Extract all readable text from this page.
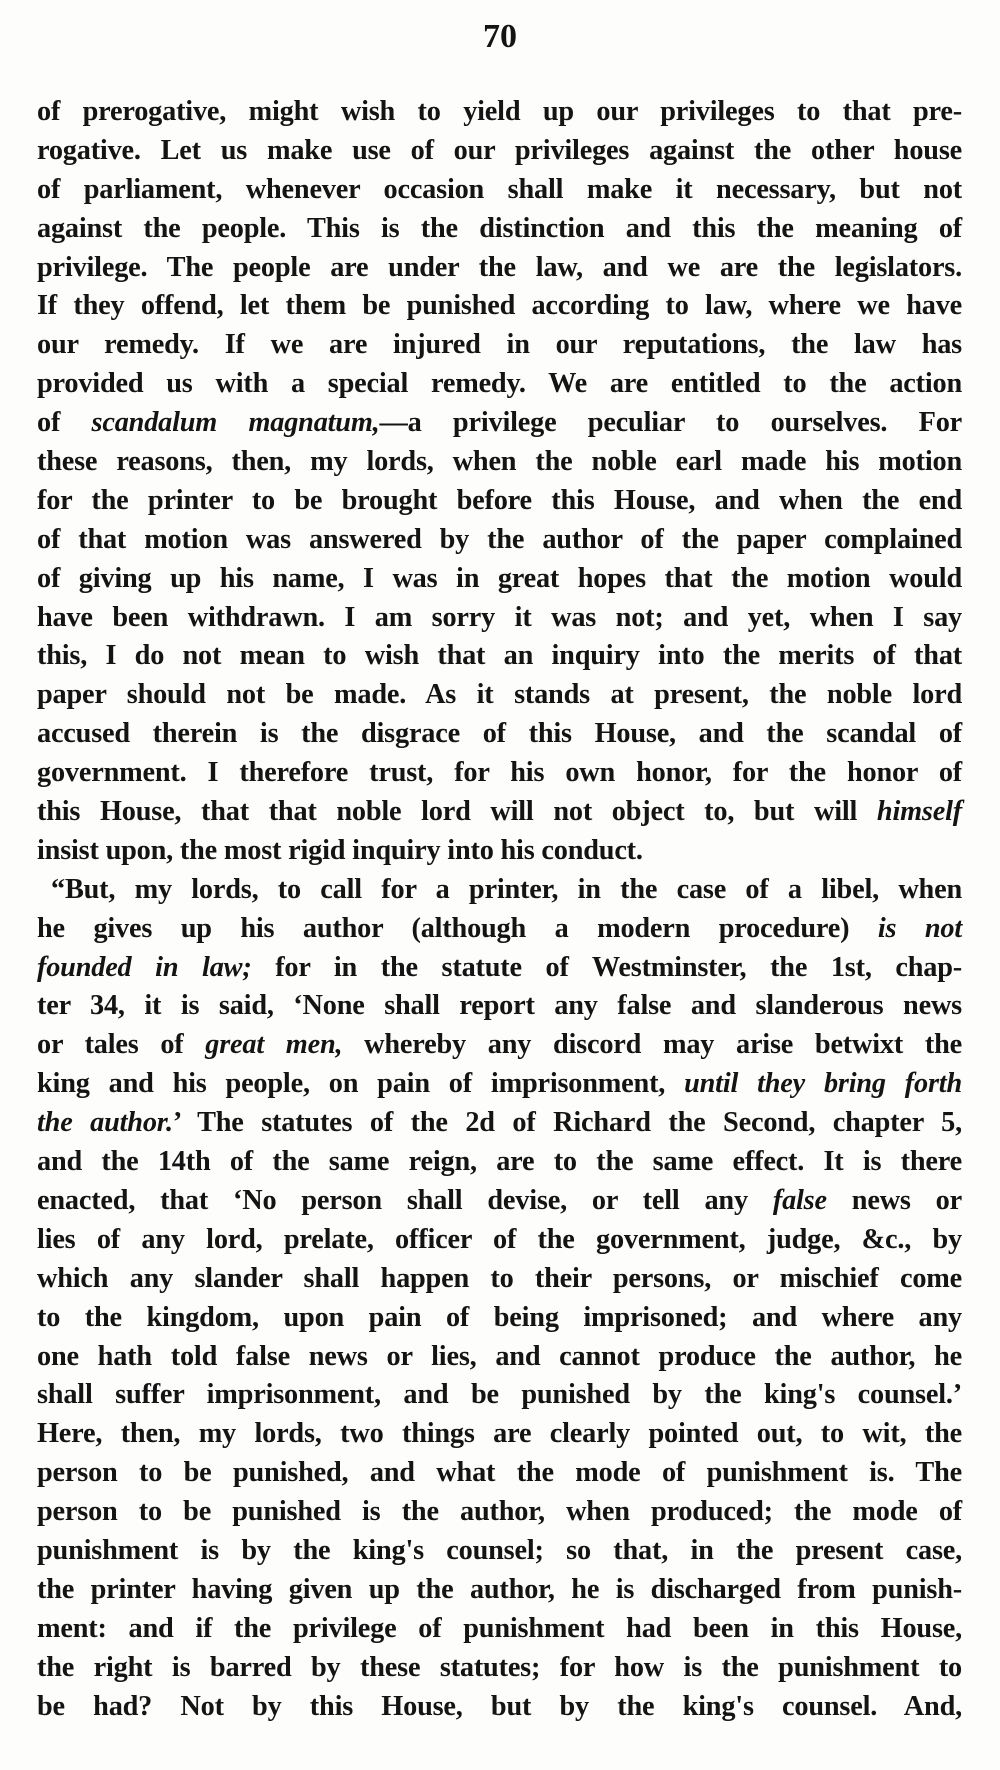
70
of prerogative, might wish to yield up our privileges to that pre-
rogative. Let us make use of our privileges against the other house
of parliament, whenever occasion shall make it necessary, but not
against the people. This is the distinction and this the meaning of
privilege. The people are under the law, and we are the legislators.
If they offend, let them be punished according to law, where we have
our remedy. If we are injured in our reputations, the law has
provided us with a special remedy. We are entitled to the action
of scandalum magnatum,—a privilege peculiar to ourselves. For
these reasons, then, my lords, when the noble earl made his motion
for the printer to be brought before this House, and when the end
of that motion was answered by the author of the paper complained
of giving up his name, I was in great hopes that the motion would
have been withdrawn. I am sorry it was not; and yet, when I say
this, I do not mean to wish that an inquiry into the merits of that
paper should not be made. As it stands at present, the noble lord
accused therein is the disgrace of this House, and the scandal of
government. I therefore trust, for his own honor, for the honor of
this House, that that noble lord will not object to, but will himself
insist upon, the most rigid inquiry into his conduct.
“But, my lords, to call for a printer, in the case of a libel, when
he gives up his author (although a modern procedure) is not
founded in law; for in the statute of Westminster, the 1st, chap-
ter 34, it is said, ‘None shall report any false and slanderous news
or tales of great men, whereby any discord may arise betwixt the
king and his people, on pain of imprisonment, until they bring forth
the author.’ The statutes of the 2d of Richard the Second, chapter 5,
and the 14th of the same reign, are to the same effect. It is there
enacted, that ‘No person shall devise, or tell any false news or
lies of any lord, prelate, officer of the government, judge, &c., by
which any slander shall happen to their persons, or mischief come
to the kingdom, upon pain of being imprisoned; and where any
one hath told false news or lies, and cannot produce the author, he
shall suffer imprisonment, and be punished by the king's counsel.’
Here, then, my lords, two things are clearly pointed out, to wit, the
person to be punished, and what the mode of punishment is. The
person to be punished is the author, when produced; the mode of
punishment is by the king's counsel; so that, in the present case,
the printer having given up the author, he is discharged from punish-
ment: and if the privilege of punishment had been in this House,
the right is barred by these statutes; for how is the punishment to
be had? Not by this House, but by the king's counsel. And,
